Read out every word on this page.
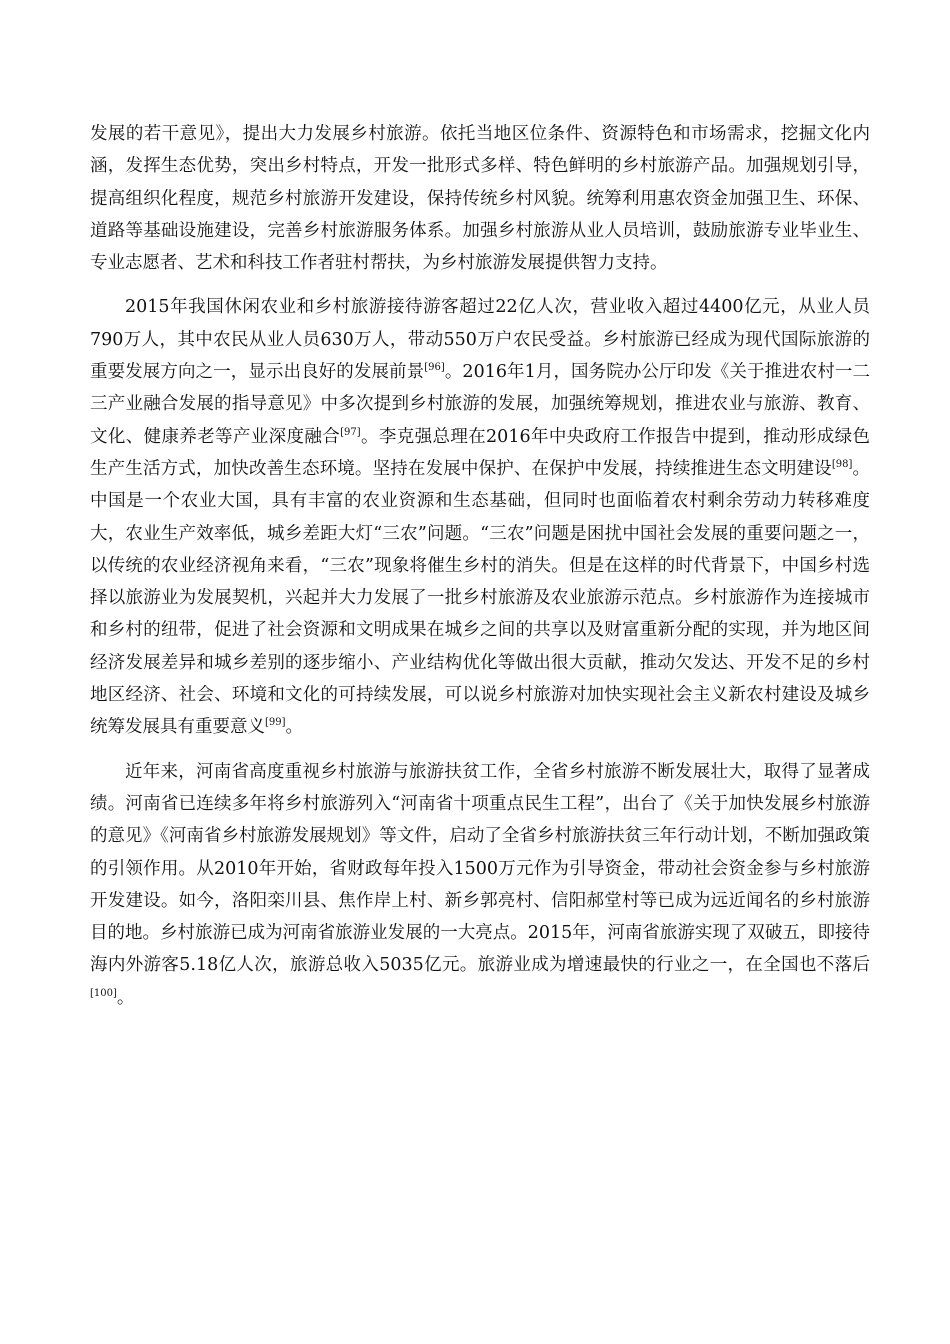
发展的若干意见》，提出大力发展乡村旅游。依托当地区位条件、资源特色和市场需求，挖掘文化内涵，发挥生态优势，突出乡村特点，开发一批形式多样、特色鲜明的乡村旅游产品。加强规划引导，提高组织化程度，规范乡村旅游开发建设，保持传统乡村风貌。统筹利用惠农资金加强卫生、环保、道路等基础设施建设，完善乡村旅游服务体系。加强乡村旅游从业人员培训，鼓励旅游专业毕业生、专业志愿者、艺术和科技工作者驻村帮扶，为乡村旅游发展提供智力支持。

2015年我国休闲农业和乡村旅游接待游客超过22亿人次，营业收入超过4400亿元，从业人员790万人，其中农民从业人员630万人，带动550万户农民受益。乡村旅游已经成为现代国际旅游的重要发展方向之一，显示出良好的发展前景[96]。2016年1月，国务院办公厅印发《关于推进农村一二三产业融合发展的指导意见》中多次提到乡村旅游的发展，加强统筹规划，推进农业与旅游、教育、文化、健康养老等产业深度融合[97]。李克强总理在2016年中央政府工作报告中提到，推动形成绿色生产生活方式，加快改善生态环境。坚持在发展中保护、在保护中发展，持续推进生态文明建设[98]。中国是一个农业大国，具有丰富的农业资源和生态基础，但同时也面临着农村剩余劳动力转移难度大，农业生产效率低，城乡差距大灯“三农”问题。“三农”问题是困扰中国社会发展的重要问题之一，以传统的农业经济视角来看，“三农”现象将催生乡村的消失。但是在这样的时代背景下，中国乡村选择以旅游业为发展契机，兴起并大力发展了一批乡村旅游及农业旅游示范点。乡村旅游作为连接城市和乡村的纽带，促进了社会资源和文明成果在城乡之间的共享以及财富重新分配的实现，并为地区间经济发展差异和城乡差别的逐步缩小、产业结构优化等做出很大贡献，推动欠发达、开发不足的乡村地区经济、社会、环境和文化的可持续发展，可以说乡村旅游对加快实现社会主义新农村建设及城乡统筹发展具有重要意义[99]。

近年来，河南省高度重视乡村旅游与旅游扶贫工作，全省乡村旅游不断发展壮大，取得了显著成绩。河南省已连续多年将乡村旅游列入“河南省十项重点民生工程”，出台了《关于加快发展乡村旅游的意见》《河南省乡村旅游发展规划》等文件，启动了全省乡村旅游扶贫三年行动计划，不断加强政策的引领作用。从2010年开始，省财政每年投入1500万元作为引导资金，带动社会资金参与乡村旅游开发建设。如今，洛阳栾川县、焦作岸上村、新乡郭亮村、信阳郝堂村等已成为远近闻名的乡村旅游目的地。乡村旅游已成为河南省旅游业发展的一大亮点。2015年，河南省旅游实现了双破五，即接待海内外游客5.18亿人次，旅游总收入5035亿元。旅游业成为增速最快的行业之一，在全国也不落后[100]。
